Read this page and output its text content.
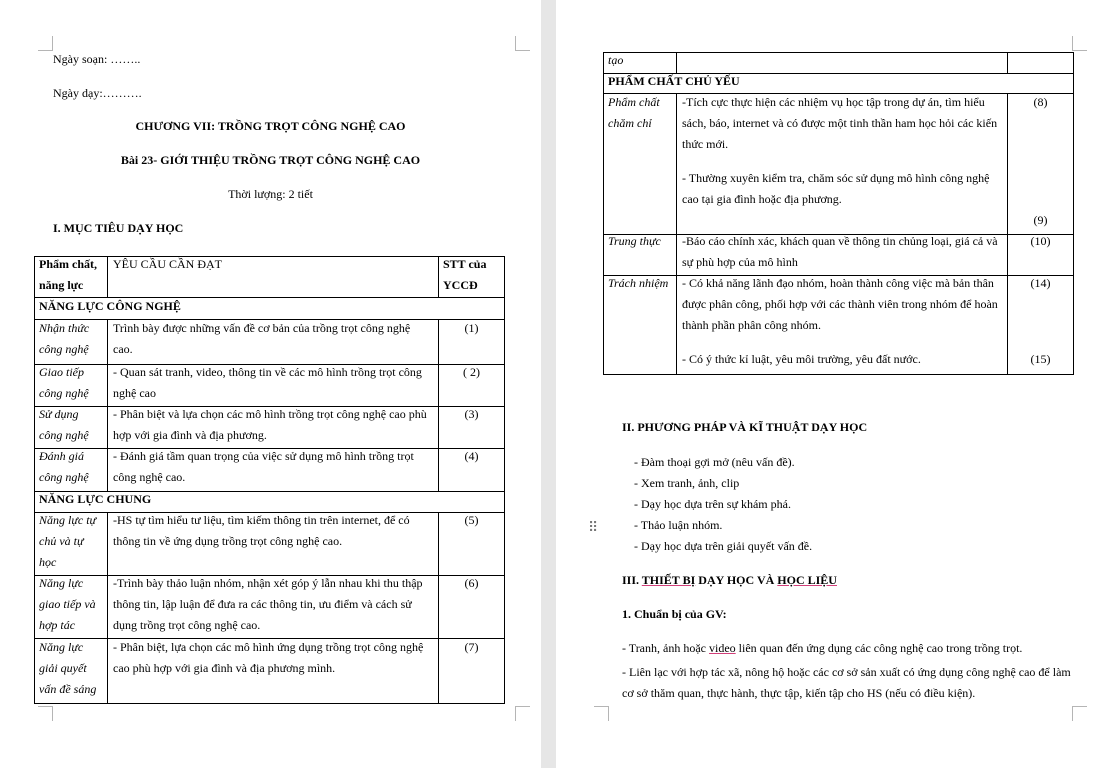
Ngày soạn: ……..
Ngày dạy:……….
CHƯƠNG VII: TRỒNG TRỌT CÔNG NGHỆ CAO
Bài 23- GIỚI THIỆU TRỒNG TRỌT CÔNG NGHỆ CAO
Thời lượng: 2 tiết
I. MỤC TIÊU DẠY HỌC
Phẩm chất,
năng lực
YÊU CẦU CẦN ĐẠT	STT của
YCCĐ
NĂNG LỰC CÔNG NGHỆ
Nhận thức
công nghệ
Trình bày được những vấn đề cơ bản của trồng trọt công nghệ
cao.
(1)
Giao tiếp
công nghệ
- Quan sát tranh, video, thông tin về các mô hình trồng trọt công
nghệ cao
( 2)
Sử dụng
công nghệ
- Phân biệt và lựa chọn các mô hình trồng trọt công nghệ cao phù
hợp với gia đình và địa phương.
(3)
Đánh giá
công nghệ
- Đánh giá tầm quan trọng của việc sử dụng mô hình trồng trọt
công nghệ cao.
(4)
NĂNG LỰC CHUNG
Năng lực tự
chủ và tự
học
-HS tự tìm hiểu tư liệu, tìm kiếm thông tin trên internet, để có
thông tin về ứng dụng trồng trọt công nghệ cao.
(5)
Năng lực
giao tiếp và
hợp tác
-Trình bày thảo luận nhóm, nhận xét góp ý lẫn nhau khi thu thập
thông tin, lập luận để đưa ra các thông tin, ưu điểm và cách sử
dụng trồng trọt công nghệ cao.
(6)
Năng lực
giải quyết
vấn đề sáng
- Phân biệt, lựa chọn các mô hình ứng dụng trồng trọt công nghệ
cao phù hợp với gia đình và địa phương mình.
(7)
tạo
PHẨM CHẤT CHỦ YẾU
Phẩm chất
chăm chỉ
-Tích cực thực hiện các nhiệm vụ học tập trong dự án, tìm hiểu
sách, báo, internet và có được một tinh thần ham học hỏi các kiến
thức mới.
- Thường xuyên kiểm tra, chăm sóc sử dụng mô hình công nghệ
cao tại gia đình hoặc địa phương.
(8)
(9)
Trung thực -Báo cáo chính xác, khách quan về thông tin chủng loại, giá cả và
sự phù hợp của mô hình
(10)
Trách nhiệm - Có khả năng lãnh đạo nhóm, hoàn thành công việc mà bản thân
được phân công, phối hợp với các thành viên trong nhóm để hoàn
thành phần phân công nhóm.
- Có ý thức kỉ luật, yêu môi trường, yêu đất nước.
(14)
(15)
II. PHƯƠNG PHÁP VÀ KĨ THUẬT DẠY HỌC
- Đàm thoại gợi mở (nêu vấn đề).
- Xem tranh, ảnh, clip
- Dạy học dựa trên sự khám phá.
- Thảo luận nhóm.
- Dạy học dựa trên giải quyết vấn đề.
III. THIẾT BỊ DẠY HỌC VÀ HỌC LIỆU
1. Chuẩn bị của GV:
- Tranh, ảnh hoặc video liên quan đến ứng dụng các công nghệ cao trong trồng trọt.
- Liên lạc với hợp tác xã, nông hộ hoặc các cơ sở sản xuất có ứng dụng công nghệ cao để làm
cơ sở thăm quan, thực hành, thực tập, kiến tập cho HS (nếu có điều kiện).
⠿
